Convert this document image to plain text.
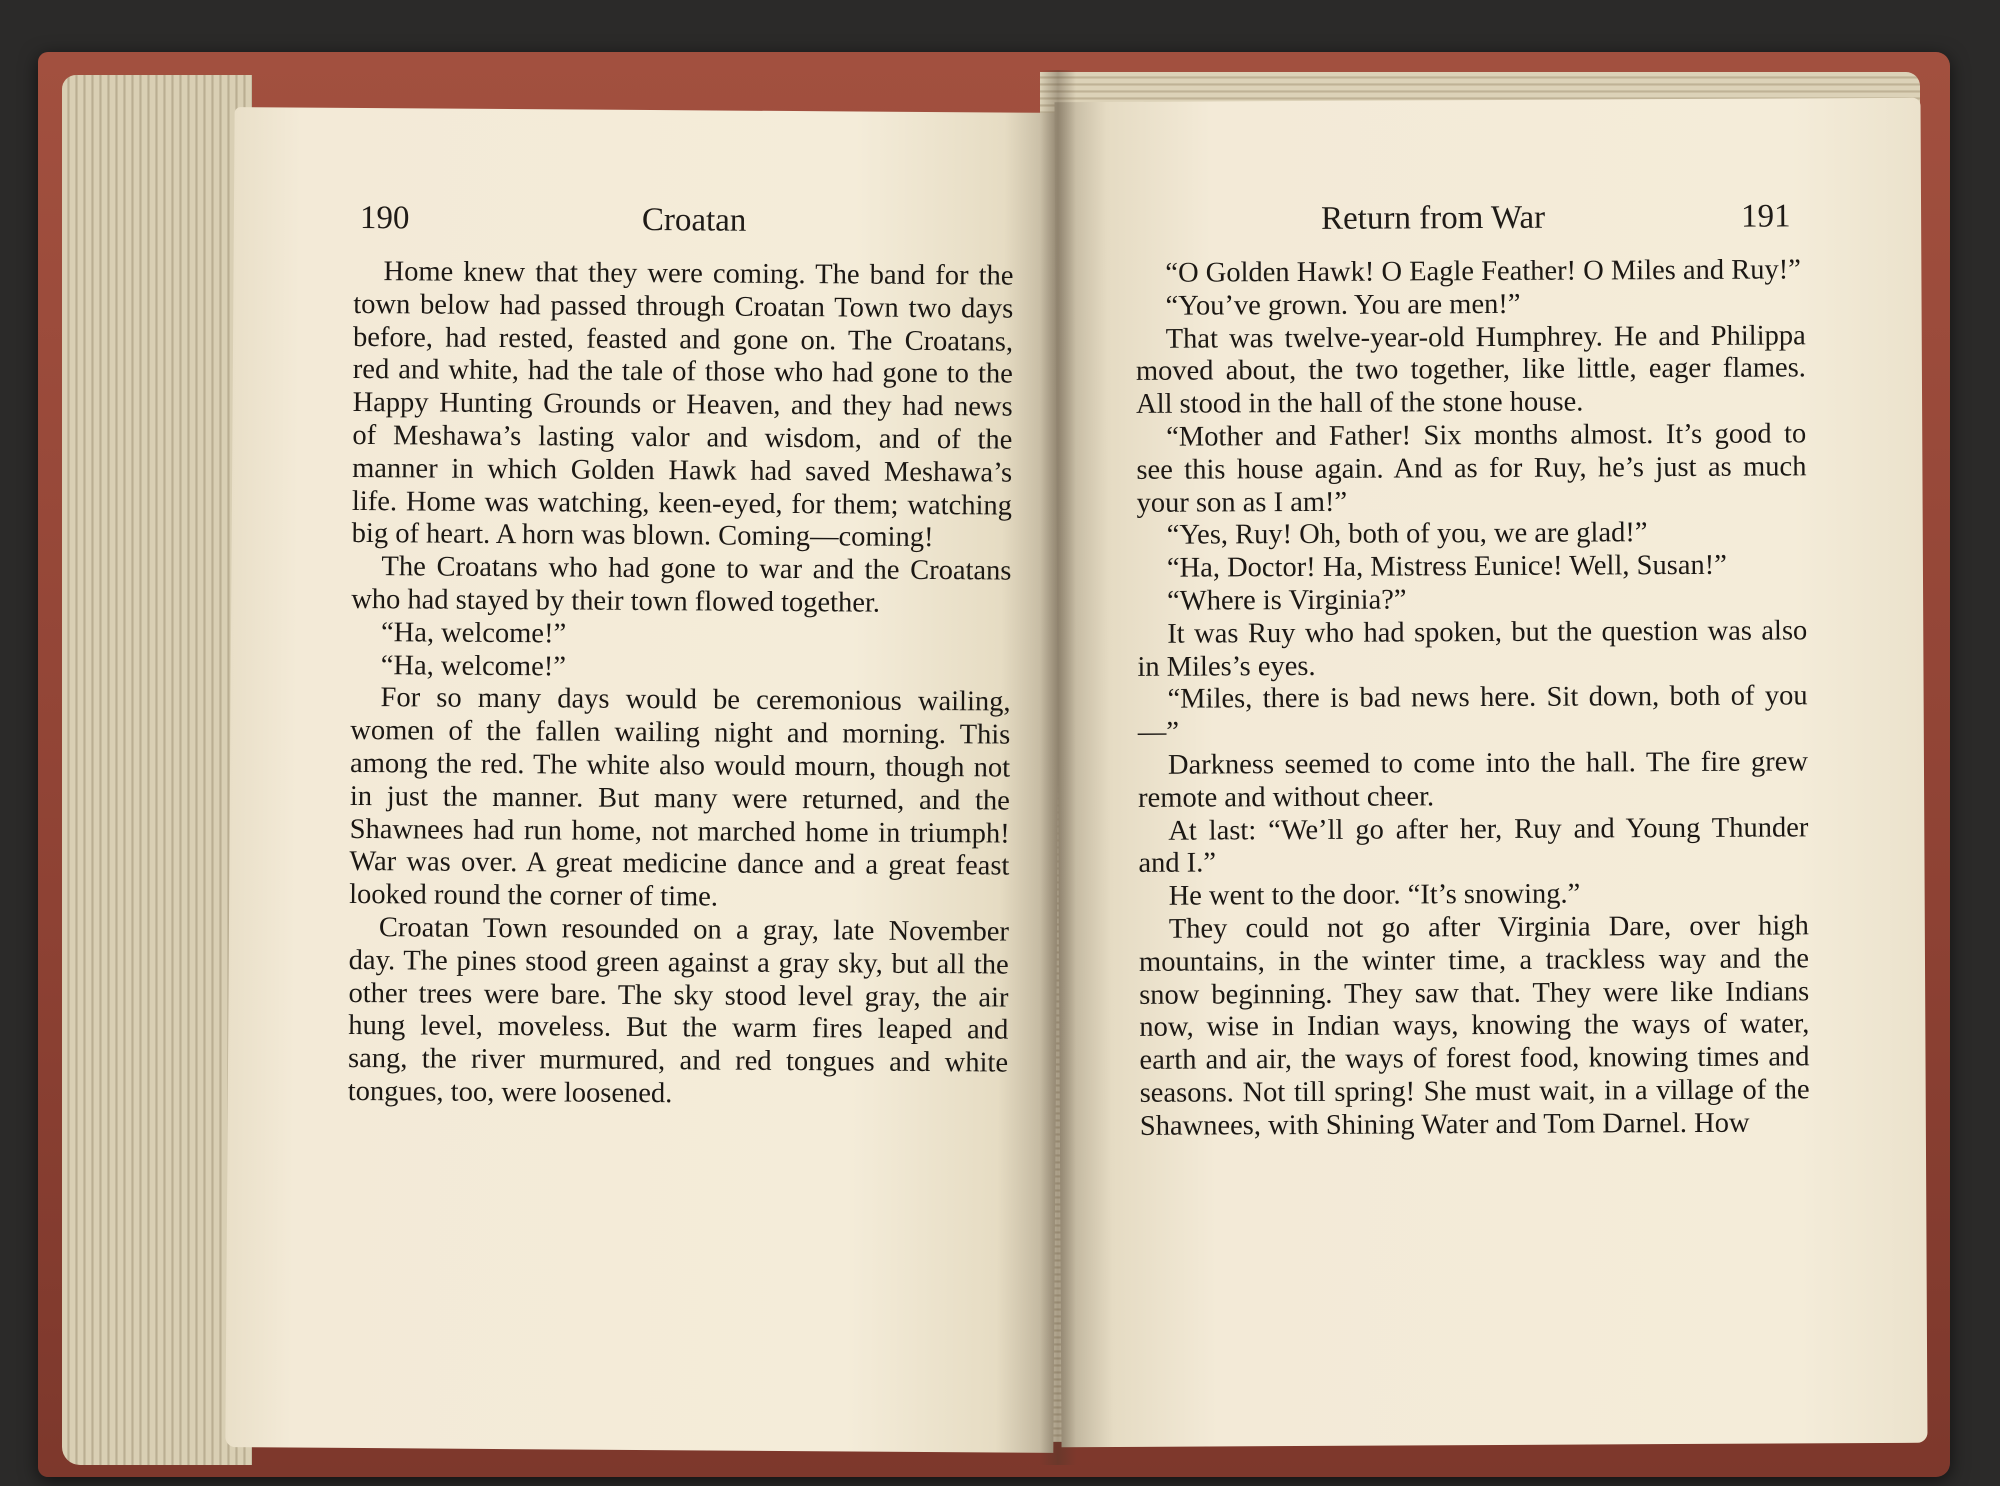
190	Croatan

Home knew that they were coming. The band for the town below had passed through Croatan Town two days before, had rested, feasted and gone on. The Croatans, red and white, had the tale of those who had gone to the Happy Hunting Grounds or Heaven, and they had news of Meshawa’s lasting valor and wisdom, and of the manner in which Golden Hawk had saved Meshawa’s life. Home was watching, keen-eyed, for them; watching big of heart. A horn was blown. Coming—coming!

The Croatans who had gone to war and the Croatans who had stayed by their town flowed together.

“Ha, welcome!”

“Ha, welcome!”

For so many days would be ceremonious wailing, women of the fallen wailing night and morning. This among the red. The white also would mourn, though not in just the manner. But many were returned, and the Shawnees had run home, not marched home in triumph! War was over. A great medicine dance and a great feast looked round the corner of time.

Croatan Town resounded on a gray, late November day. The pines stood green against a gray sky, but all the other trees were bare. The sky stood level gray, the air hung level, moveless. But the warm fires leaped and sang, the river murmured, and red tongues and white tongues, too, were loosened.

Return from War	191

“O Golden Hawk! O Eagle Feather! O Miles and Ruy!”

“You’ve grown. You are men!”

That was twelve-year-old Humphrey. He and Philippa moved about, the two together, like little, eager flames. All stood in the hall of the stone house.

“Mother and Father! Six months almost. It’s good to see this house again. And as for Ruy, he’s just as much your son as I am!”

“Yes, Ruy! Oh, both of you, we are glad!”

“Ha, Doctor! Ha, Mistress Eunice! Well, Susan!”

“Where is Virginia?”

It was Ruy who had spoken, but the question was also in Miles’s eyes.

“Miles, there is bad news here. Sit down, both of you—”

Darkness seemed to come into the hall. The fire grew remote and without cheer.

At last: “We’ll go after her, Ruy and Young Thunder and I.”

He went to the door. “It’s snowing.”

They could not go after Virginia Dare, over high mountains, in the winter time, a trackless way and the snow beginning. They saw that. They were like Indians now, wise in Indian ways, knowing the ways of water, earth and air, the ways of forest food, knowing times and seasons. Not till spring! She must wait, in a village of the Shawnees, with Shining Water and Tom Darnel. How
